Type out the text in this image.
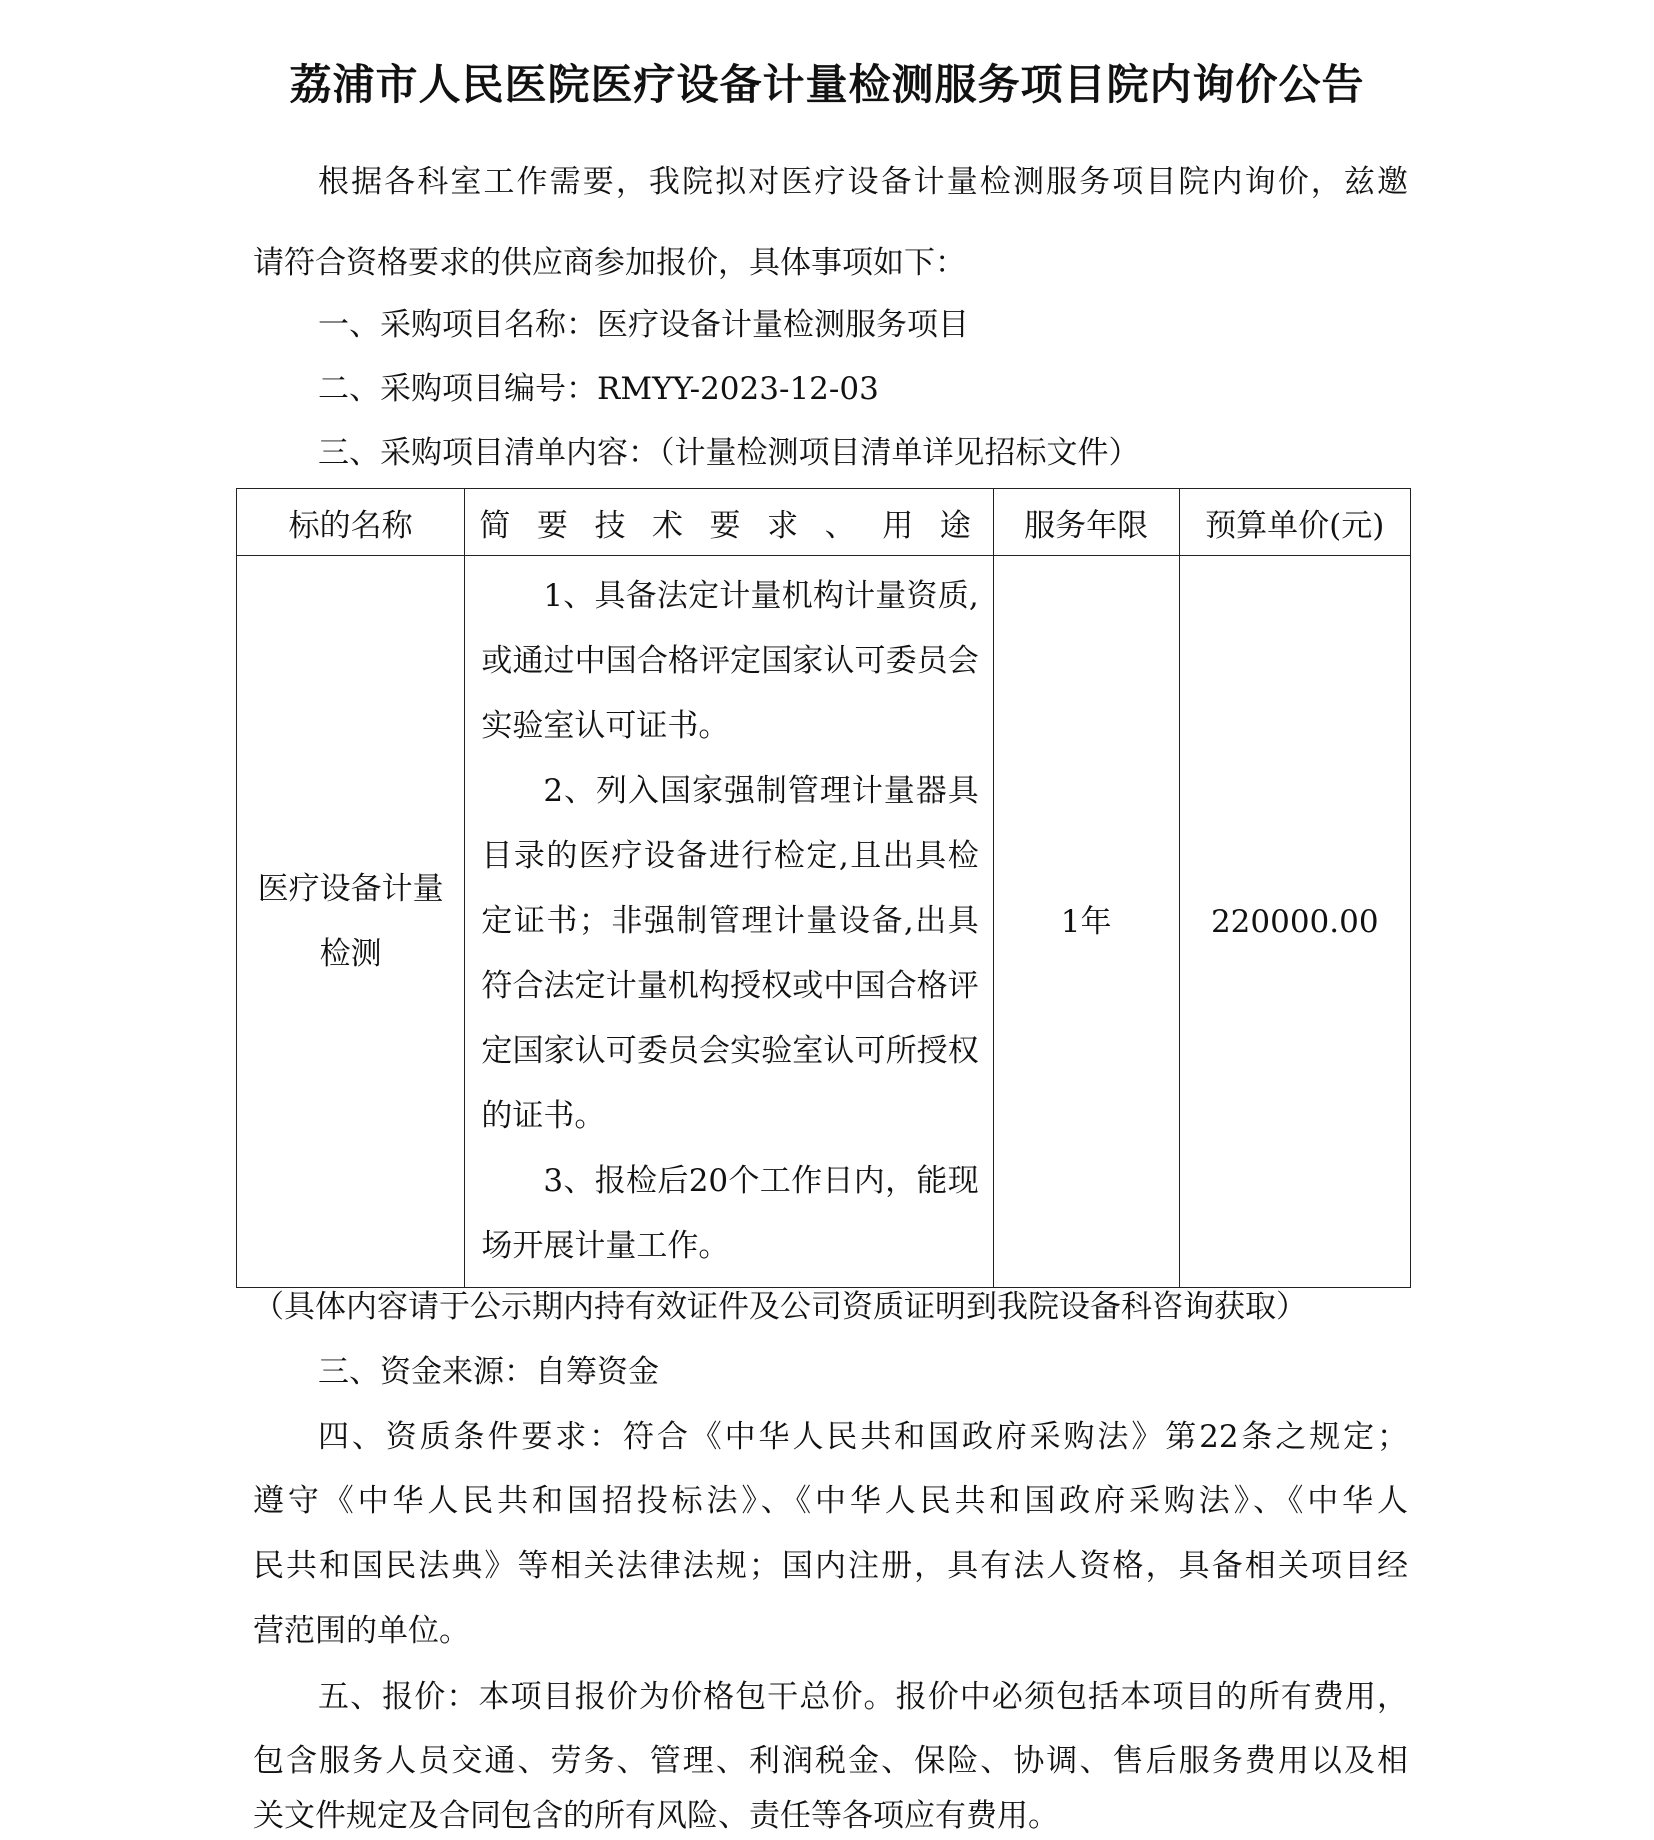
荔浦市人民医院医疗设备计量检测服务项目院内询价公告
根据各科室工作需要，我院拟对医疗设备计量检测服务项目院内询价，兹邀
请符合资格要求的供应商参加报价，具体事项如下：
一、采购项目名称：医疗设备计量检测服务项目
二、采购项目编号：RMYY-2023-12-03
三、采购项目清单内容：（计量检测项目清单详见招标文件）
标的名称	简要技术要求、用途	服务年限	预算单价(元)
医疗设备计量检测	1、具备法定计量机构计量资质,或通过中国合格评定国家认可委员会实验室认可证书。

2、列入国家强制管理计量器具目录的医疗设备进行检定,且出具检定证书；非强制管理计量设备,出具符合法定计量机构授权或中国合格评定国家认可委员会实验室认可所授权的证书。

3、报检后20个工作日内，能现场开展计量工作。	1年	220000.00
（具体内容请于公示期内持有效证件及公司资质证明到我院设备科咨询获取）
三、资金来源：自筹资金
四、资质条件要求：符合《中华人民共和国政府采购法》第22条之规定；
遵守《中华人民共和国招投标法》、《中华人民共和国政府采购法》、《中华人
民共和国民法典》等相关法律法规；国内注册，具有法人资格，具备相关项目经
营范围的单位。
五、报价：本项目报价为价格包干总价。报价中必须包括本项目的所有费用，
包含服务人员交通、劳务、管理、利润税金、保险、协调、售后服务费用以及相
关文件规定及合同包含的所有风险、责任等各项应有费用。
